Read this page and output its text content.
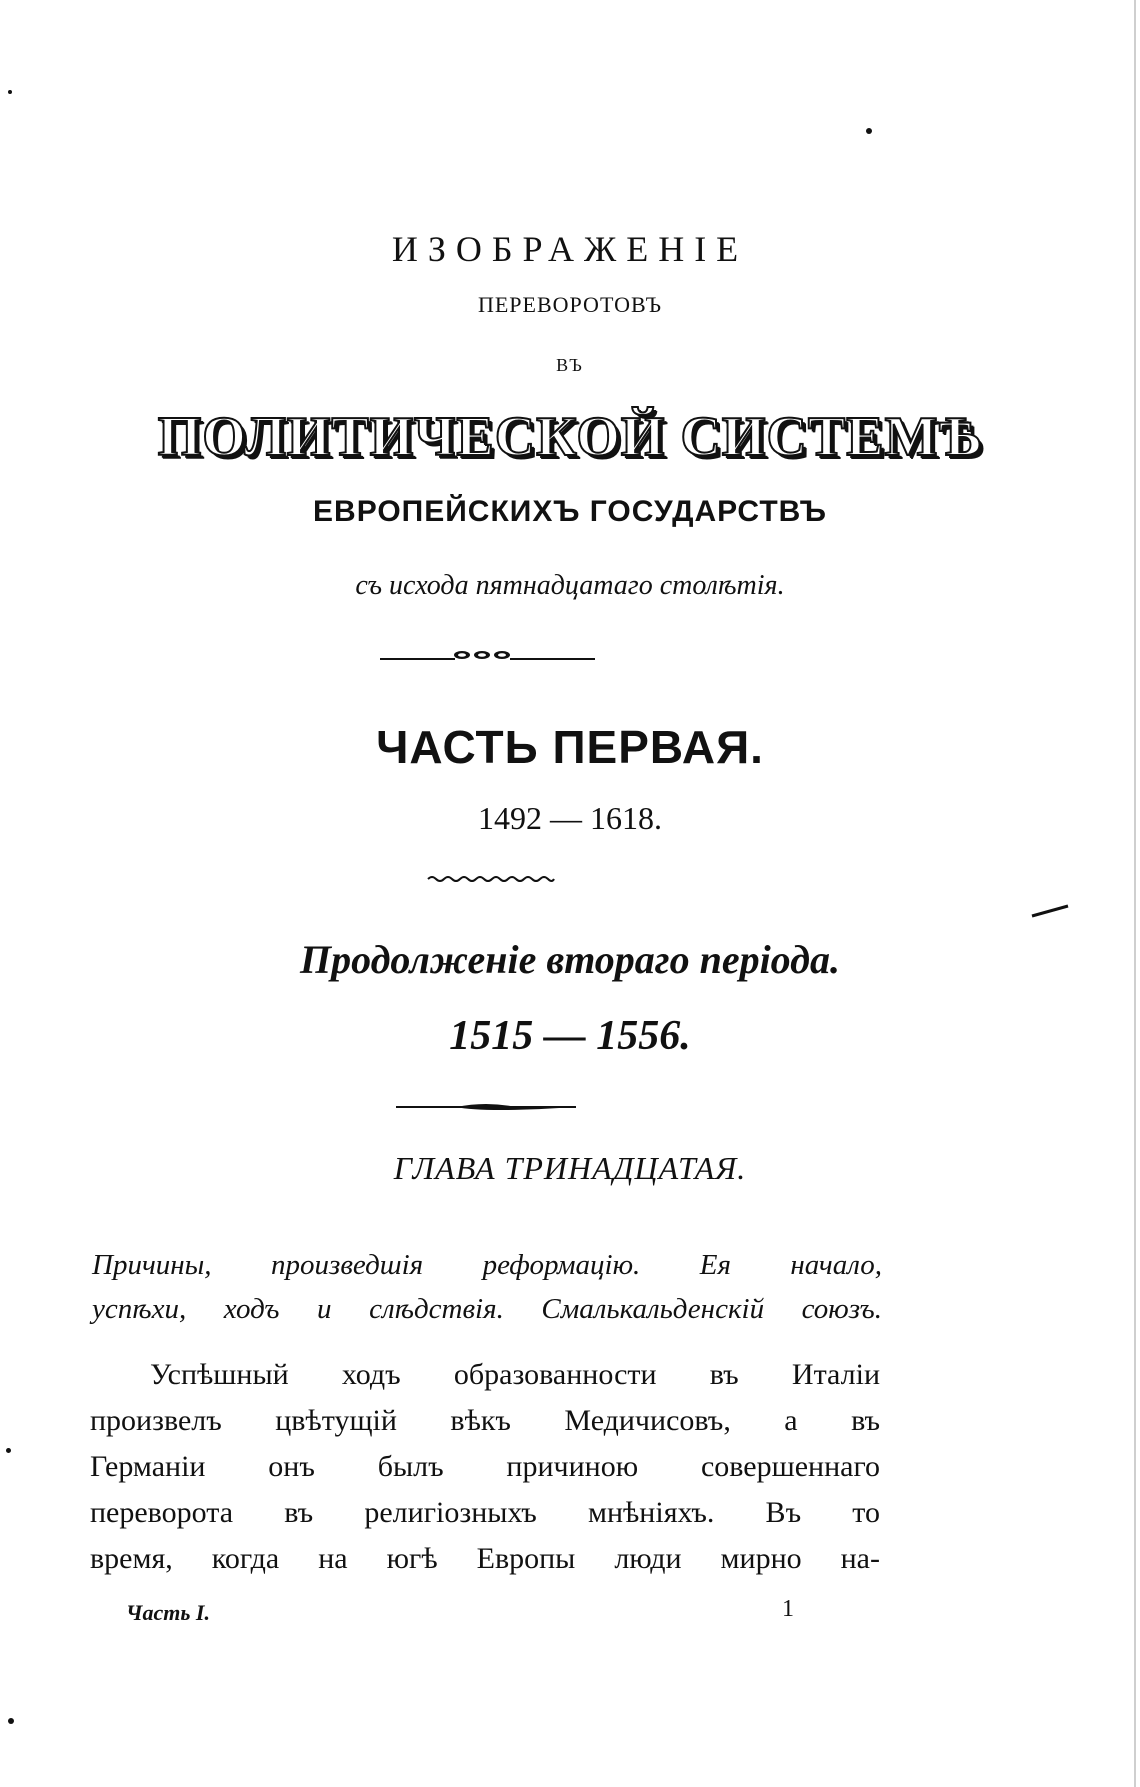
ИЗОБРАЖЕНІЕ
ПЕРЕВОРОТОВЪ
ВЪ
ПОЛИТИЧЕСКОЙ СИСТЕМѢ
ЕВРОПЕЙСКИХЪ ГОСУДАРСТВЪ
съ исхода пятнадцатаго столѣтія.
ЧАСТЬ ПЕРВАЯ.
1492 — 1618.
Продолженіе втораго періода.
1515 — 1556.
ГЛАВА ТРИНАДЦАТАЯ.
Причины, произведшія реформацію. Ея начало,
успѣхи, ходъ и слѣдствія. Смалькальденскій союзъ.
Успѣшный ходъ образованности въ Италіи
произвелъ цвѣтущій вѣкъ Медичисовъ, а въ
Германіи онъ былъ причиною совершеннаго
переворота въ религіозныхъ мнѣніяхъ. Въ то
время, когда на югѣ Европы люди мирно на-
Часть I.	1
